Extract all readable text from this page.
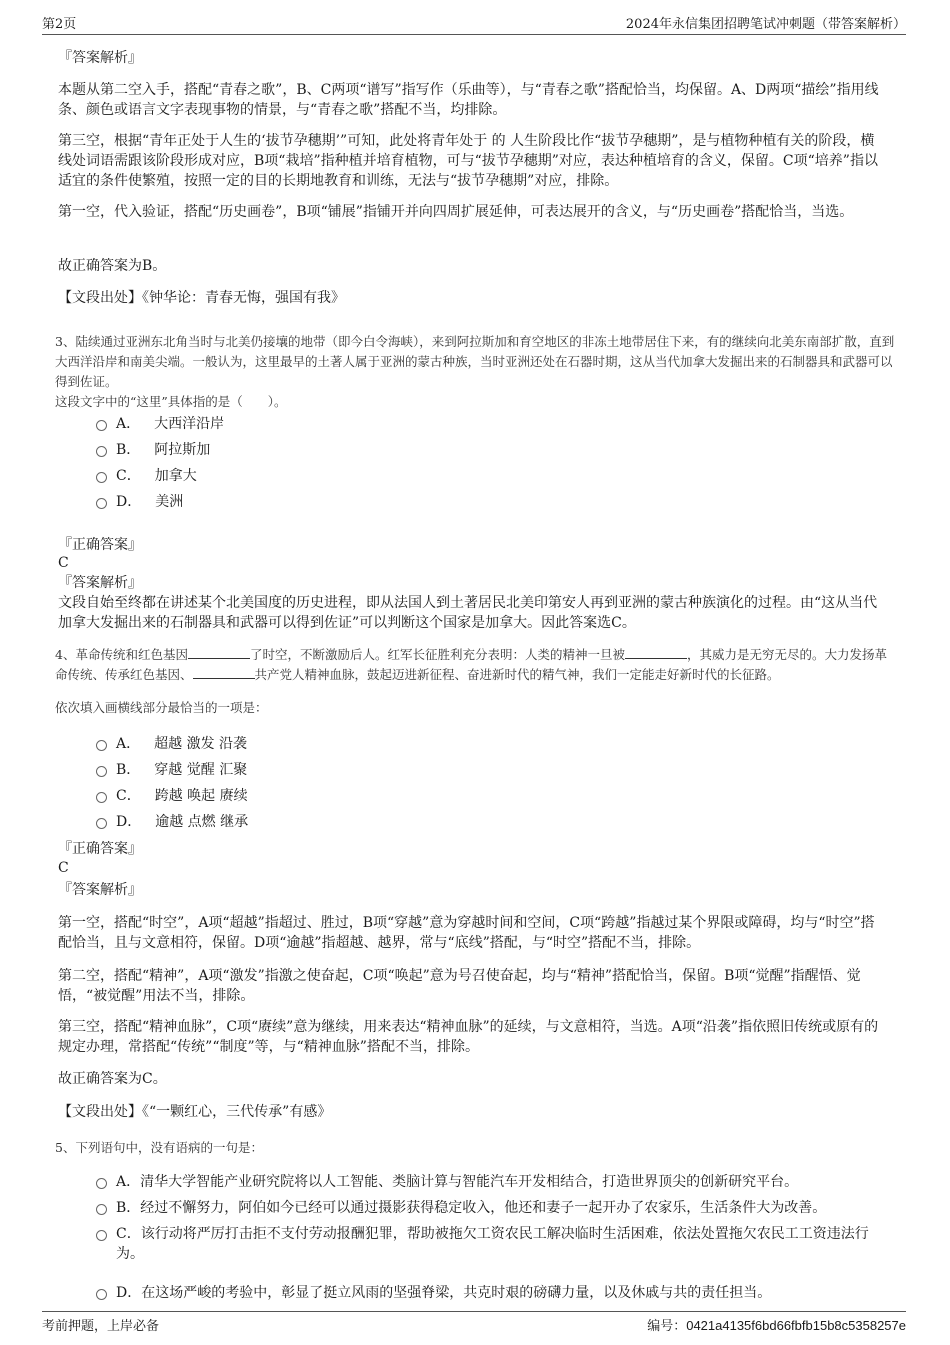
第2页	2024年永信集团招聘笔试冲刺题（带答案解析）

『答案解析』

本题从第二空入手，搭配“青春之歌”，B、C两项“谱写”指写作（乐曲等），与“青春之歌”搭配恰当，均保留。A、D两项“描绘”指用线条、颜色或语言文字表现事物的情景，与“青春之歌”搭配不当，均排除。

第三空，根据“青年正处于人生的‘拔节孕穗期’”可知，此处将青年处于 的 人生阶段比作“拔节孕穗期”，是与植物种植有关的阶段，横线处词语需跟该阶段形成对应，B项“栽培”指种植并培育植物，可与“拔节孕穗期”对应，表达种植培育的含义，保留。C项“培养”指以适宜的条件使繁殖，按照一定的目的长期地教育和训练，无法与“拔节孕穗期”对应，排除。

第一空，代入验证，搭配“历史画卷”，B项“铺展”指铺开并向四周扩展延伸，可表达展开的含义，与“历史画卷”搭配恰当，当选。

故正确答案为B。

【文段出处】《钟华论：青春无悔，强国有我》

3、陆续通过亚洲东北角当时与北美仍接壤的地带（即今白令海峡），来到阿拉斯加和育空地区的非冻土地带居住下来，有的继续向北美东南部扩散，直到大西洋沿岸和南美尖端。一般认为，这里最早的土著人属于亚洲的蒙古种族，当时亚洲还处在石器时期，这从当代加拿大发掘出来的石制器具和武器可以得到佐证。

这段文字中的“这里”具体指的是（　　）。

A． 大西洋沿岸
B． 阿拉斯加
C． 加拿大
D． 美洲

『正确答案』

C

『答案解析』

文段自始至终都在讲述某个北美国度的历史进程，即从法国人到土著居民北美印第安人再到亚洲的蒙古种族演化的过程。由“这从当代加拿大发掘出来的石制器具和武器可以得到佐证”可以判断这个国家是加拿大。因此答案选C。

4、革命传统和红色基因	了时空，不断激励后人。红军长征胜利充分表明：人类的精神一旦被	，其威力是无穷无尽的。大力发扬革命传统、传承红色基因、	共产党人精神血脉，鼓起迈进新征程、奋进新时代的精气神，我们一定能走好新时代的长征路。

依次填入画横线部分最恰当的一项是：

A． 超越 激发 沿袭
B． 穿越 觉醒 汇聚
C． 跨越 唤起 赓续
D． 逾越 点燃 继承

『正确答案』

C

『答案解析』

第一空，搭配“时空”，A项“超越”指超过、胜过，B项“穿越”意为穿越时间和空间，C项“跨越”指越过某个界限或障碍，均与“时空”搭配恰当，且与文意相符，保留。D项“逾越”指超越、越界，常与“底线”搭配，与“时空”搭配不当，排除。

第二空，搭配“精神”，A项“激发”指激之使奋起，C项“唤起”意为号召使奋起，均与“精神”搭配恰当，保留。B项“觉醒”指醒悟、觉悟，“被觉醒”用法不当，排除。

第三空，搭配“精神血脉”，C项“赓续”意为继续，用来表达“精神血脉”的延续，与文意相符，当选。A项“沿袭”指依照旧传统或原有的规定办理，常搭配“传统”“制度”等，与“精神血脉”搭配不当，排除。

故正确答案为C。

【文段出处】《“一颗红心，三代传承”有感》

5、下列语句中，没有语病的一句是：

A．清华大学智能产业研究院将以人工智能、类脑计算与智能汽车开发相结合，打造世界顶尖的创新研究平台。
B．经过不懈努力，阿伯如今已经可以通过摄影获得稳定收入，他还和妻子一起开办了农家乐，生活条件大为改善。
C．该行动将严厉打击拒不支付劳动报酬犯罪，帮助被拖欠工资农民工解决临时生活困难，依法处置拖欠农民工工资违法行为。
D．在这场严峻的考验中，彰显了挺立风雨的坚强脊梁，共克时艰的磅礴力量，以及休戚与共的责任担当。
考前押题，上岸必备	编号：0421a4135f6bd66fbfb15b8c5358257e
